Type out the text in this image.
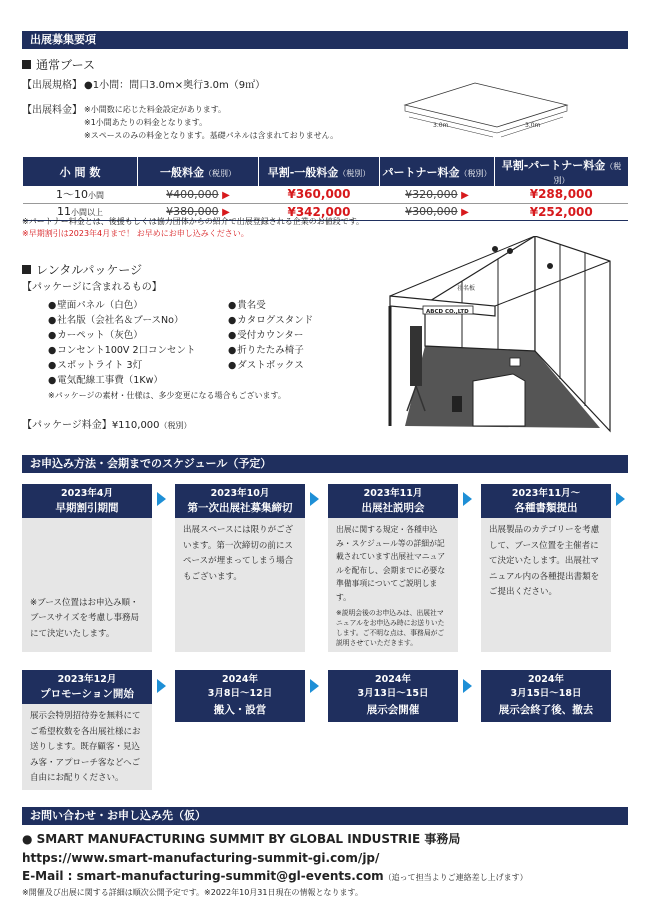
出展募集要項
通常ブース
【出展規格】 ●1小間：間口3.0m×奥行3.0m（9㎡）
【出展料金】 ※小間数に応じた料金設定があります。
※1小間あたりの料金となります。
※スペースのみの料金となります。基礎パネルは含まれておりません。
3.0m	3.0m
小 間 数	一般料金（税別）	早割-一般料金（税別）	パートナー料金（税別）	早割-パートナー料金（税別）
1～10小間	¥400,000 ▶	¥360,000	¥320,000 ▶	¥288,000
11小間以上	¥380,000 ▶	¥342,000	¥300,000 ▶	¥252,000
※パートナー料金とは、後援もしくは協力団体からの紹介で出展登録される企業のお値段です。
※早期割引は2023年4月まで！ お早めにお申し込みください。
レンタルパッケージ
【パッケージに含まれるもの】
● 壁面パネル（白色）
● 社名版（会社名＆ブースNo）
● カーペット（灰色）
● コンセント100V 2口コンセント
● スポットライト 3灯
● 電気配線工事費（1Kw）
● 貴名受
● カタログスタンド
● 受付カウンター
● 折りたたみ椅子
● ダストボックス
※パッケージの素材・仕様は、多少変更になる場合もございます。
【パッケージ料金】¥110,000（税別）
ABCD CO.,LTD
社名板
お申込み方法・会期までのスケジュール（予定）
2023年4月
早期割引期間
※ブース位置はお申込み順・ブースサイズを考慮し事務局にて決定いたします。
2023年10月
第一次出展社募集締切
出展スペースには限りがございます。第一次締切の前にスペースが埋まってしまう場合もございます。
2023年11月
出展社説明会
出展に関する規定・各種申込み・スケジュール等の詳細が記載されています出展社マニュアルを配布し、会期までに必要な準備事項についてご説明します。
※説明会後のお申込みは、出展社マニュアルをお申込み時にお送りいたします。ご不明な点は、事務局がご説明させていただきます。
2023年11月～
各種書類提出
出展製品のカテゴリーを考慮して、ブース位置を主催者にて決定いたします。出展社マニュアル内の各種提出書類をご提出ください。
2023年12月
プロモーション開始
展示会特別招待券を無料にてご希望枚数を各出展社様にお送りします。既存顧客・見込み客・アプローチ客などへご自由にお配りください。
2024年
3月8日～12日
搬入・設営
2024年
3月13日～15日
展示会開催
2024年
3月15日～18日
展示会終了後、撤去
お問い合わせ・お申し込み先（仮）
● SMART MANUFACTURING SUMMIT BY GLOBAL INDUSTRIE 事務局
https://www.smart-manufacturing-summit-gi.com/jp/
E-Mail : smart-manufacturing-summit@gl-events.com（追って担当よりご連絡差し上げます）
※開催及び出展に関する詳細は順次公開予定です。※2022年10月31日現在の情報となります。
